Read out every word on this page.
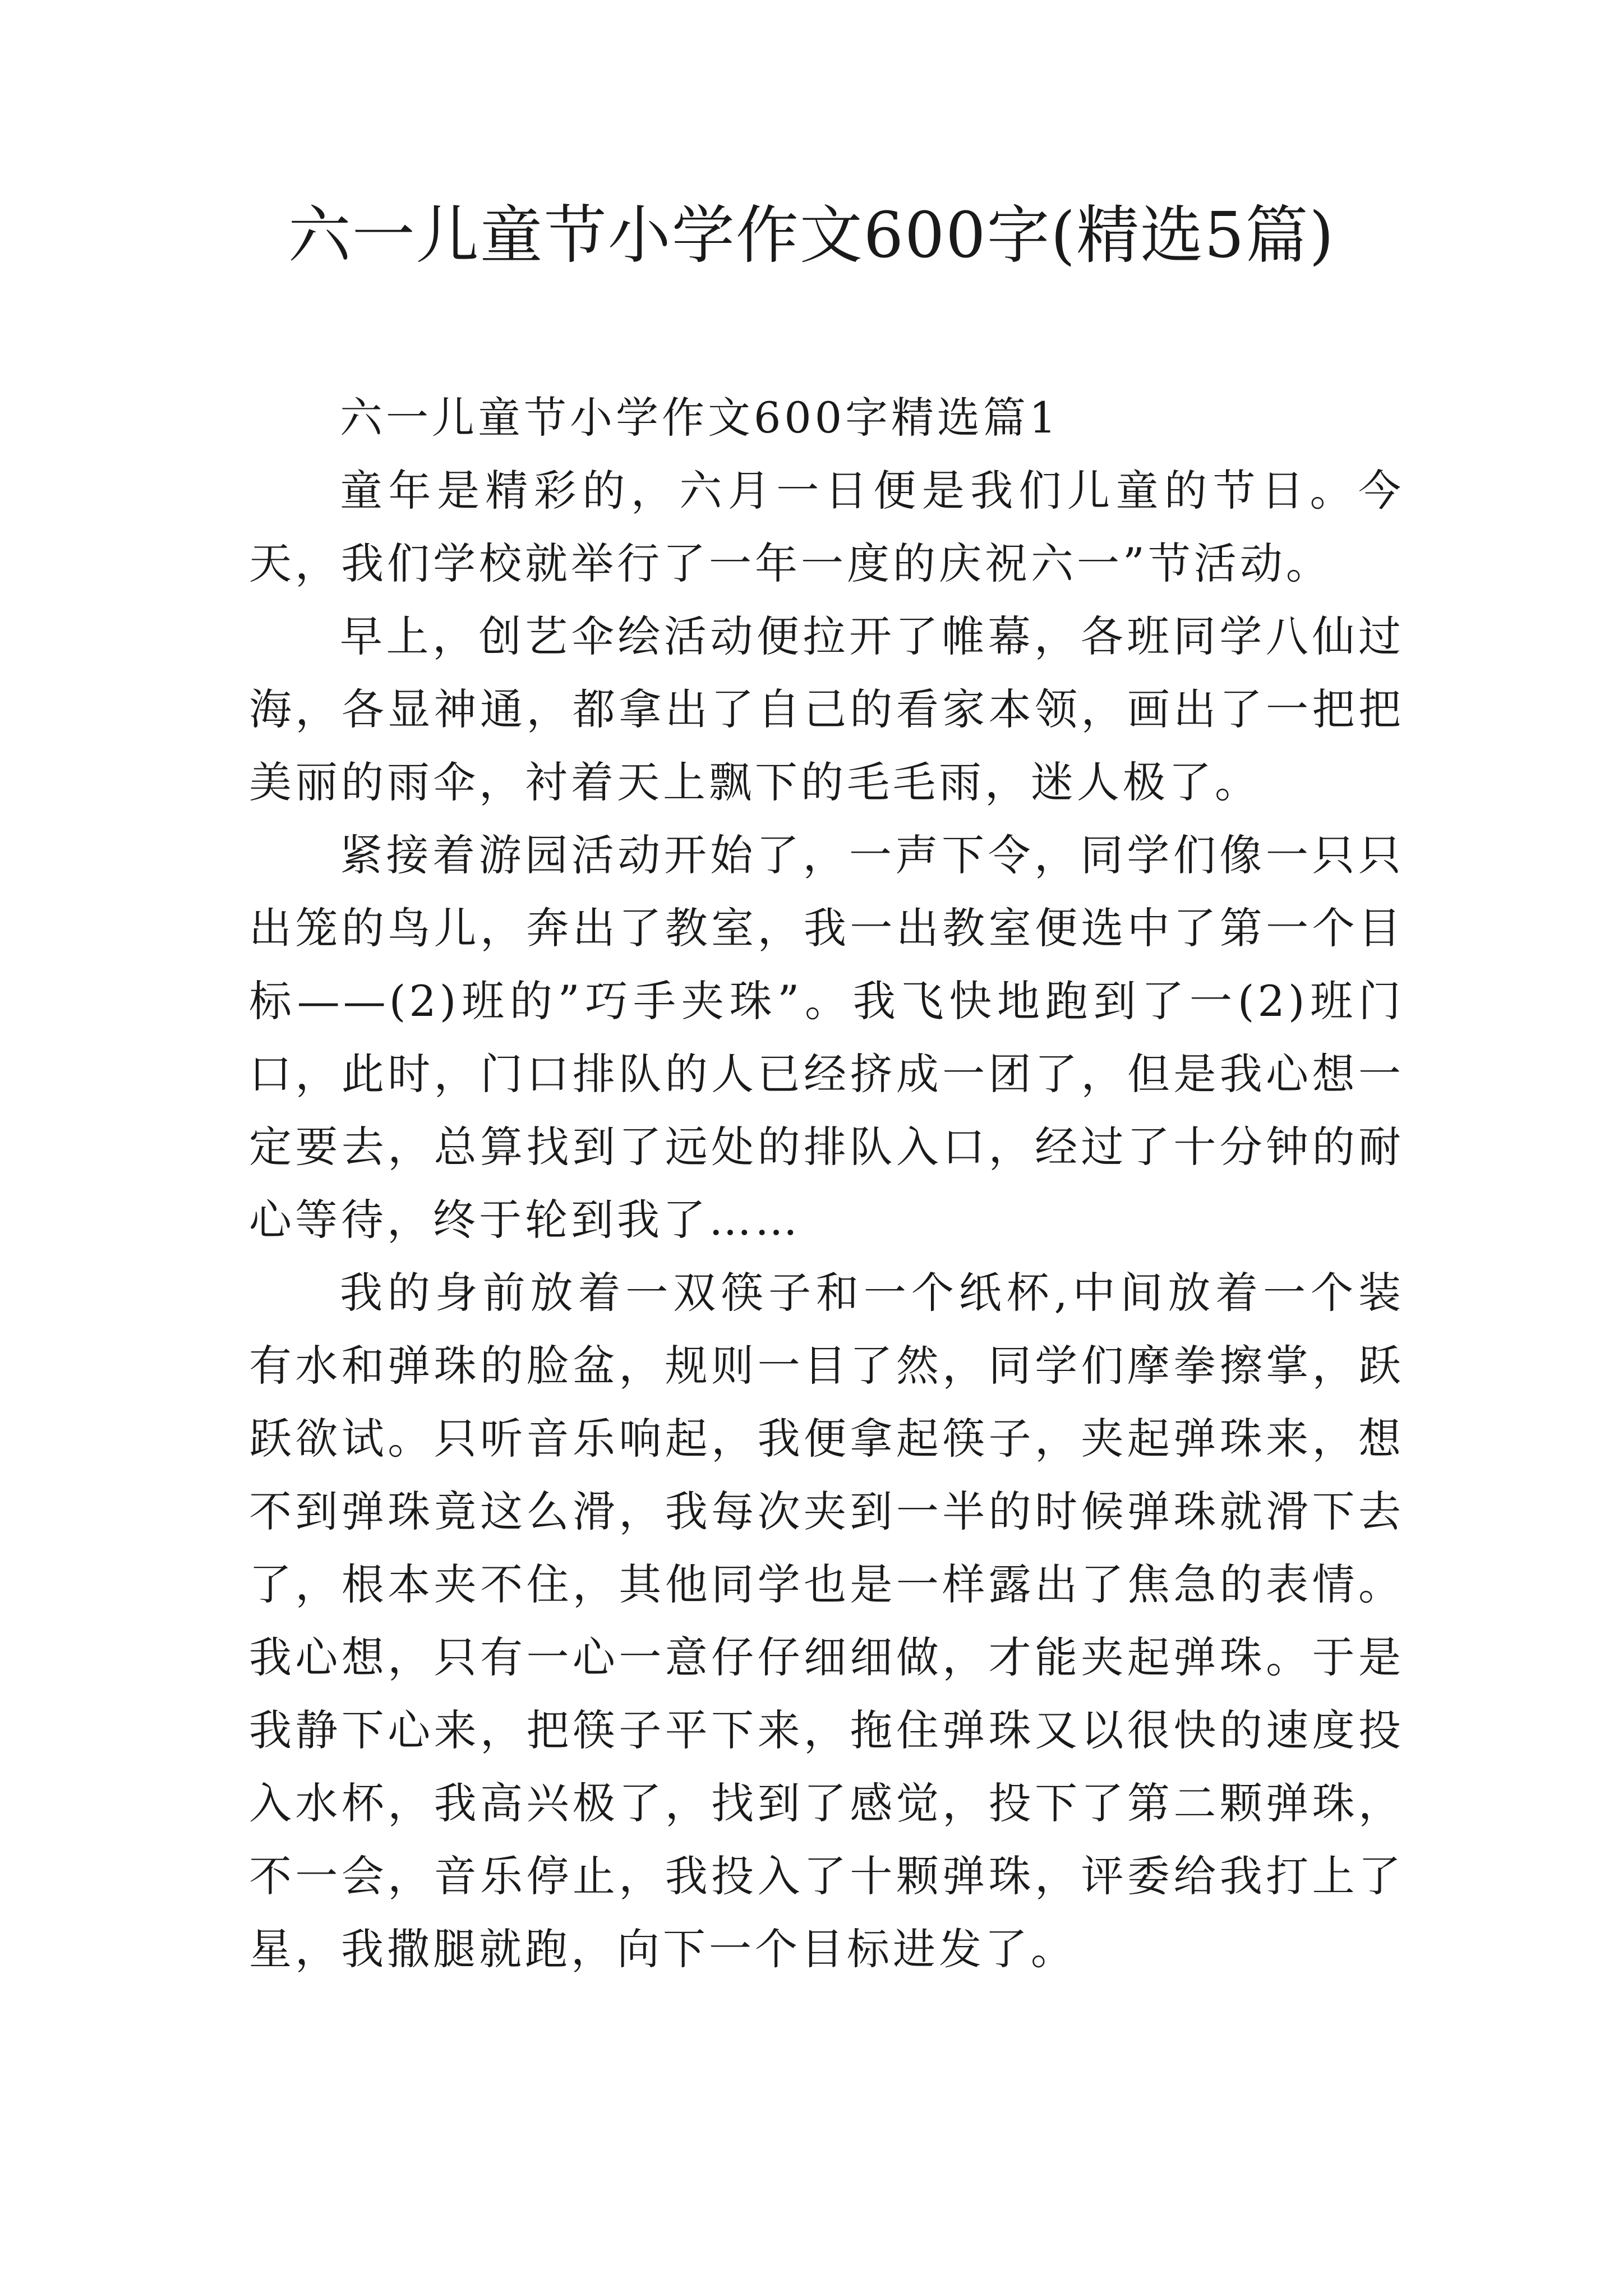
六一儿童节小学作文600字(精选5篇)

六一儿童节小学作文600字精选篇1

童年是精彩的，六月一日便是我们儿童的节日。今天，我们学校就举行了一年一度的庆祝六一”节活动。

早上，创艺伞绘活动便拉开了帷幕，各班同学八仙过海，各显神通，都拿出了自己的看家本领，画出了一把把美丽的雨伞，衬着天上飘下的毛毛雨，迷人极了。

紧接着游园活动开始了，一声下令，同学们像一只只出笼的鸟儿，奔出了教室，我一出教室便选中了第一个目标——(2)班的”巧手夹珠”。我飞快地跑到了一(2)班门口，此时，门口排队的人已经挤成一团了，但是我心想一定要去，总算找到了远处的排队入口，经过了十分钟的耐心等待，终于轮到我了……

我的身前放着一双筷子和一个纸杯,中间放着一个装有水和弹珠的脸盆，规则一目了然，同学们摩拳擦掌，跃跃欲试。只听音乐响起，我便拿起筷子，夹起弹珠来，想不到弹珠竟这么滑，我每次夹到一半的时候弹珠就滑下去了，根本夹不住，其他同学也是一样露出了焦急的表情。我心想，只有一心一意仔仔细细做，才能夹起弹珠。于是我静下心来，把筷子平下来，拖住弹珠又以很快的速度投入水杯，我高兴极了，找到了感觉，投下了第二颗弹珠，不一会，音乐停止，我投入了十颗弹珠，评委给我打上了星，我撒腿就跑，向下一个目标进发了。
